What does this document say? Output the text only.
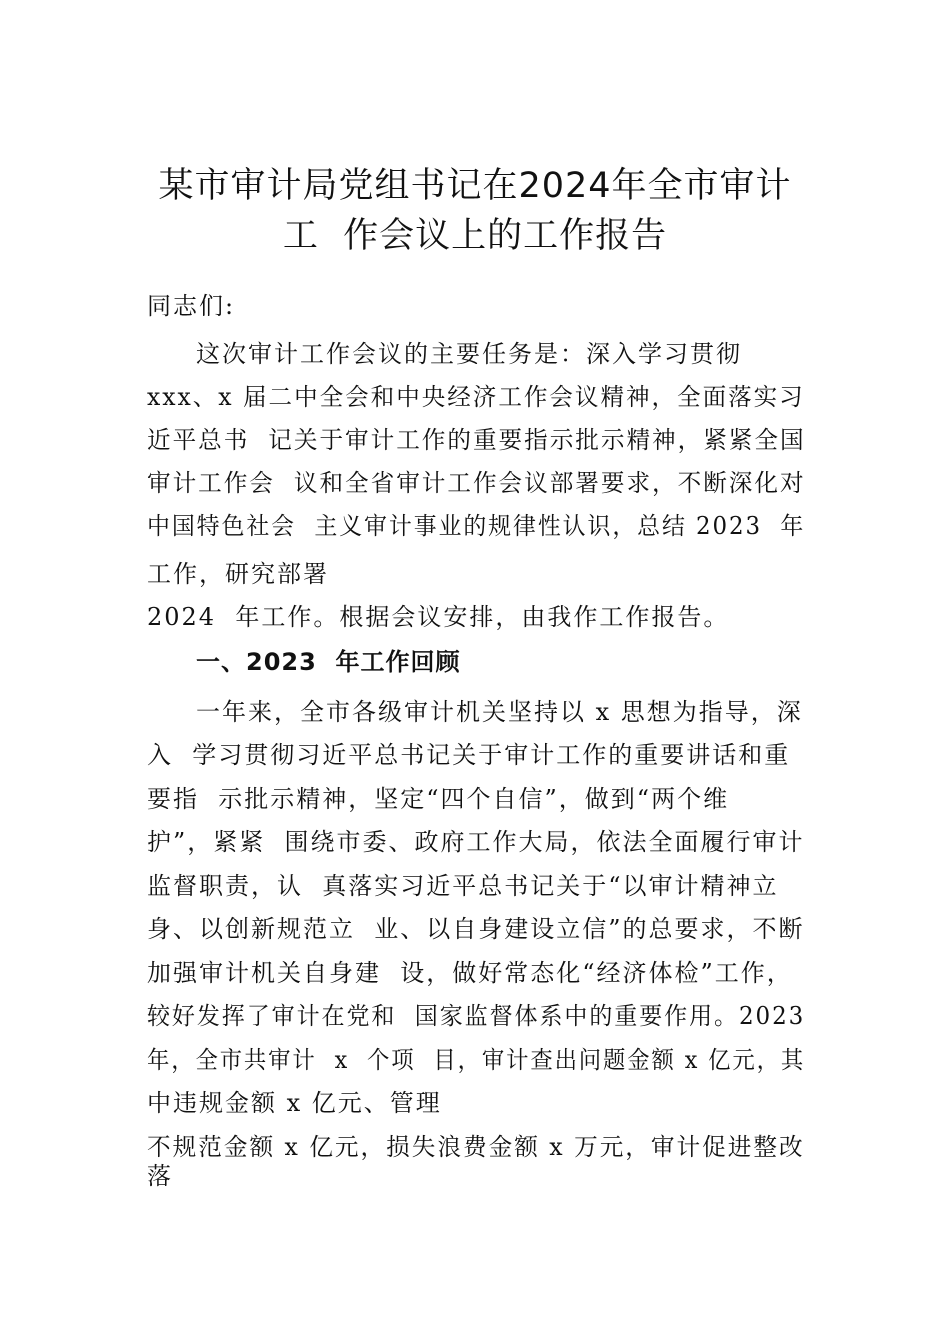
某市审计局党组书记在2024年全市审计
工  作会议上的工作报告

同志们:

这次审计工作会议的主要任务是：深入学习贯彻

xxx、x 届二中全会和中央经济工作会议精神，全面落实习

近平总书  记关于审计工作的重要指示批示精神，紧紧全国

审计工作会  议和全省审计工作会议部署要求，不断深化对

中国特色社会  主义审计事业的规律性认识，总结 2023  年

工作，研究部署

2024  年工作。根据会议安排，由我作工作报告。

一、2023  年工作回顾

一年来，全市各级审计机关坚持以 x 思想为指导，深

入  学习贯彻习近平总书记关于审计工作的重要讲话和重

要指  示批示精神，坚定“四个自信”，做到“两个维

护”，紧紧  围绕市委、政府工作大局，依法全面履行审计

监督职责，认  真落实习近平总书记关于“以审计精神立

身、以创新规范立  业、以自身建设立信”的总要求，不断

加强审计机关自身建  设，做好常态化“经济体检”工作，

较好发挥了审计在党和  国家监督体系中的重要作用。2023

年，全市共审计  x  个项  目，审计查出问题金额 x 亿元，其

中违规金额 x 亿元、管理

不规范金额 x 亿元，损失浪费金额 x 万元，审计促进整改

落
